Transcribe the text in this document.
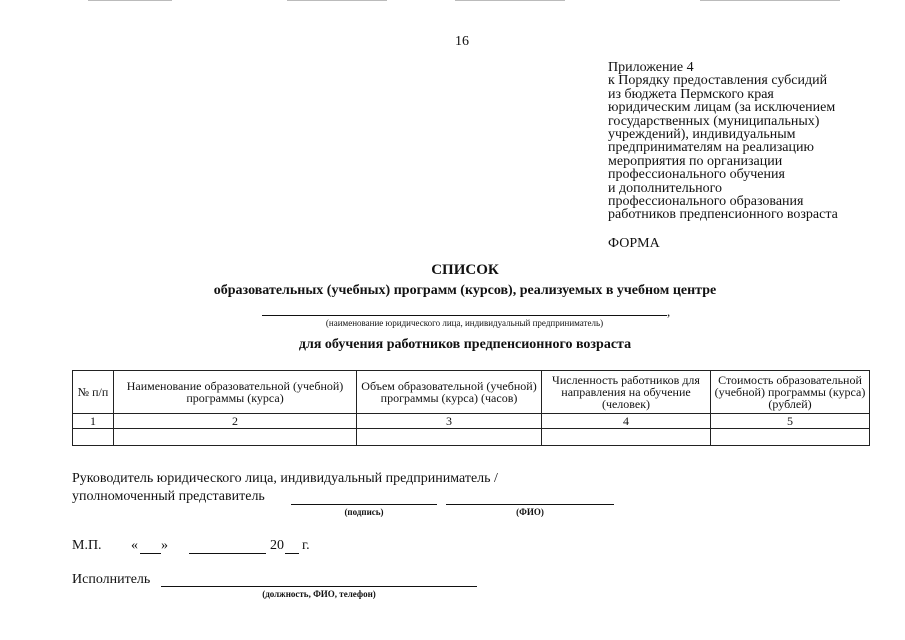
16
Приложение 4
к Порядку предоставления субсидий
из бюджета Пермского края
юридическим лицам (за исключением
государственных (муниципальных)
учреждений), индивидуальным
предпринимателям на реализацию
мероприятия по организации
профессионального обучения
и дополнительного
профессионального образования
работников предпенсионного возраста
ФОРМА
СПИСОК
образовательных (учебных) программ (курсов), реализуемых в учебном центре
,
(наименование юридического лица, индивидуальный предприниматель)
для обучения работников предпенсионного возраста
№ п/п	Наименование образовательной (учебной) программы (курса)	Объем образовательной (учебной) программы (курса) (часов)	Численность работников для направления на обучение (человек)	Стоимость образовательной (учебной) программы (курса) (рублей)
1	2	3	4	5

Руководитель юридического лица, индивидуальный предприниматель /
уполномоченный представитель
(подпись)	(ФИО)
М.П. « »	20 г.
Исполнитель
(должность, ФИО, телефон)
